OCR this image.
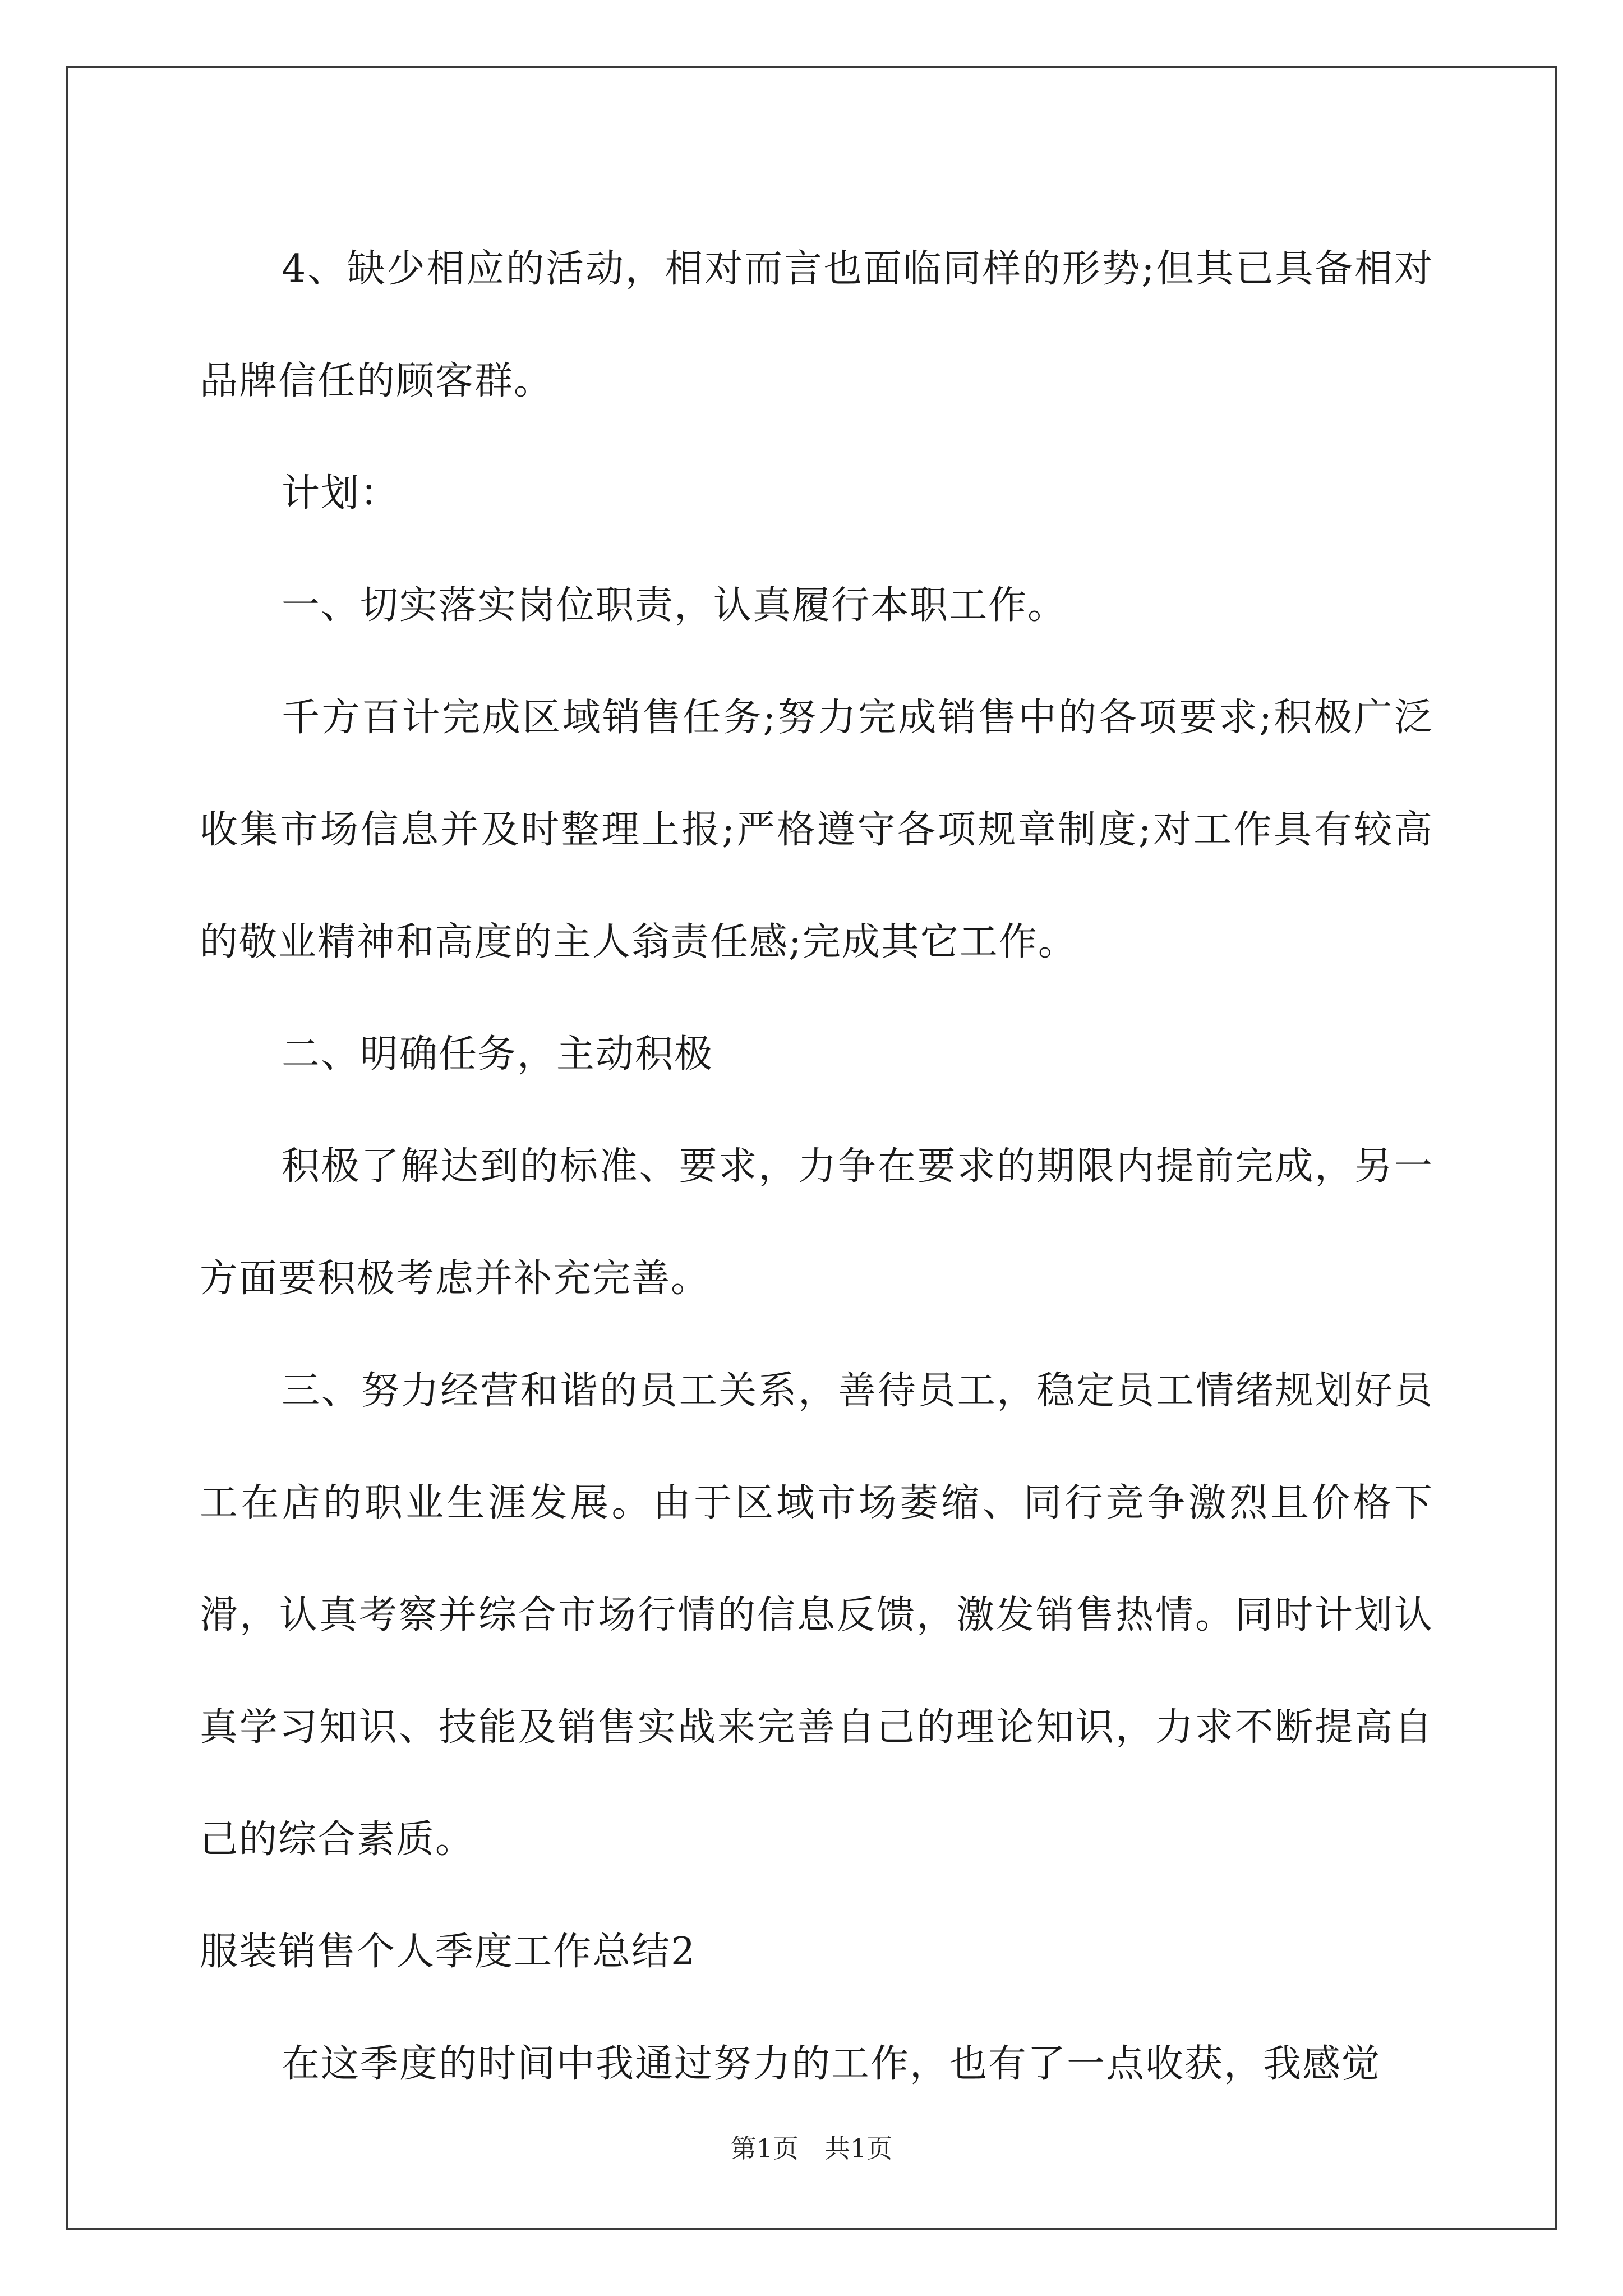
4、缺少相应的活动，相对而言也面临同样的形势;但其已具备相对品牌信任的顾客群。

计划：

一、切实落实岗位职责，认真履行本职工作。

千方百计完成区域销售任务;努力完成销售中的各项要求;积极广泛收集市场信息并及时整理上报;严格遵守各项规章制度;对工作具有较高的敬业精神和高度的主人翁责任感;完成其它工作。

二、明确任务，主动积极

积极了解达到的标准、要求，力争在要求的期限内提前完成，另一方面要积极考虑并补充完善。

三、努力经营和谐的员工关系，善待员工，稳定员工情绪规划好员工在店的职业生涯发展。由于区域市场萎缩、同行竞争激烈且价格下滑，认真考察并综合市场行情的信息反馈，激发销售热情。同时计划认真学习知识、技能及销售实战来完善自己的理论知识，力求不断提高自己的综合素质。

服装销售个人季度工作总结2

在这季度的时间中我通过努力的工作，也有了一点收获，我感觉

第1页　共1页
